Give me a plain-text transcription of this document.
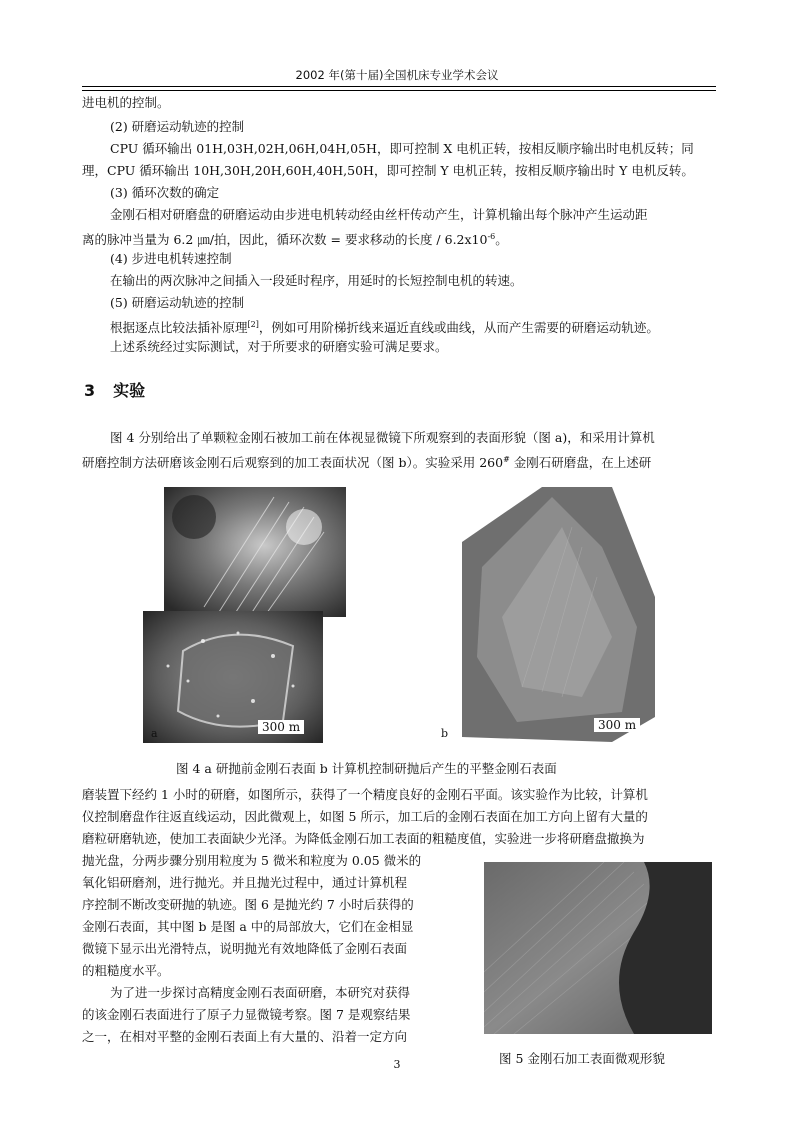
2002 年(第十届)全国机床专业学术会议
进电机的控制。
(2) 研磨运动轨迹的控制
CPU 循环输出 01H,03H,02H,06H,04H,05H，即可控制 X 电机正转，按相反顺序输出时电机反转；同
理，CPU 循环输出 10H,30H,20H,60H,40H,50H，即可控制 Y 电机正转，按相反顺序输出时 Y 电机反转。
(3) 循环次数的确定
金刚石相对研磨盘的研磨运动由步进电机转动经由丝杆传动产生，计算机输出每个脉冲产生运动距
离的脉冲当量为 6.2 ㎛/拍，因此，循环次数 = 要求移动的长度 / $6.2x10^{-6}$。
(4) 步进电机转速控制
在输出的两次脉冲之间插入一段延时程序，用延时的长短控制电机的转速。
(5) 研磨运动轨迹的控制
根据逐点比较法插补原理[2]，例如可用阶梯折线来逼近直线或曲线，从而产生需要的研磨运动轨迹。
上述系统经过实际测试，对于所要求的研磨实验可满足要求。
3 实验
图 4 分别给出了单颗粒金刚石被加工前在体视显微镜下所观察到的表面形貌（图 a)，和采用计算机
研磨控制方法研磨该金刚石后观察到的加工表面状况（图 b）。实验采用 260# 金刚石研磨盘，在上述研
a	300 m	b
300 m
图 4 a 研抛前金刚石表面 b 计算机控制研抛后产生的平整金刚石表面
磨装置下经约 1 小时的研磨，如图所示，获得了一个精度良好的金刚石平面。该实验作为比较，计算机
仪控制磨盘作往返直线运动，因此微观上，如图 5 所示，加工后的金刚石表面在加工方向上留有大量的
磨粒研磨轨迹，使加工表面缺少光泽。为降低金刚石加工表面的粗糙度值，实验进一步将研磨盘撤换为
抛光盘，分两步骤分别用粒度为 5 微米和粒度为 0.05 微米的
氧化铝研磨剂，进行抛光。并且抛光过程中，通过计算机程
序控制不断改变研抛的轨迹。图 6 是抛光约 7 小时后获得的
金刚石表面，其中图 b 是图 a 中的局部放大，它们在金相显
微镜下显示出光滑特点，说明抛光有效地降低了金刚石表面
的粗糙度水平。
为了进一步探讨高精度金刚石表面研磨，本研究对获得
的该金刚石表面进行了原子力显微镜考察。图 7 是观察结果
之一，在相对平整的金刚石表面上有大量的、沿着一定方向
图 5 金刚石加工表面微观形貌
3
